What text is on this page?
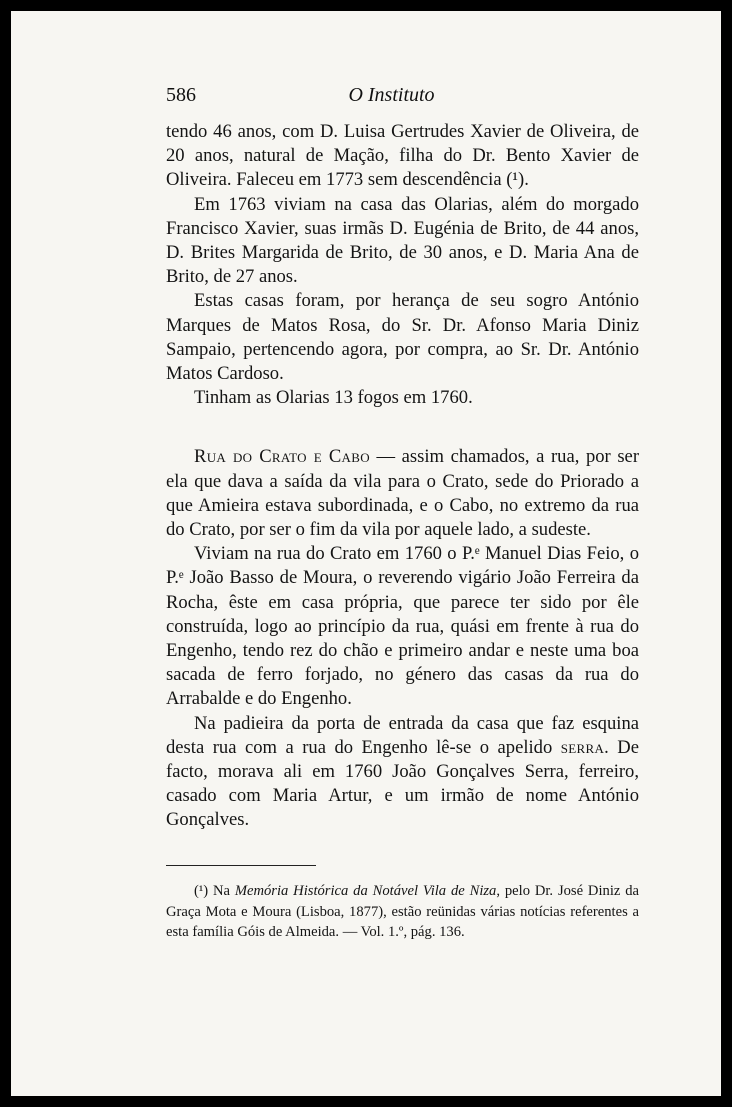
586	O Instituto

tendo 46 anos, com D. Luisa Gertrudes Xavier de Oliveira, de 20 anos, natural de Mação, filha do Dr. Bento Xavier de Oliveira. Faleceu em 1773 sem descendência (¹).

Em 1763 viviam na casa das Olarias, além do morgado Francisco Xavier, suas irmãs D. Eugénia de Brito, de 44 anos, D. Brites Margarida de Brito, de 30 anos, e D. Maria Ana de Brito, de 27 anos.

Estas casas foram, por herança de seu sogro António Marques de Matos Rosa, do Sr. Dr. Afonso Maria Diniz Sampaio, pertencendo agora, por compra, ao Sr. Dr. António Matos Cardoso.

Tinham as Olarias 13 fogos em 1760.

Rua do Crato e Cabo — assim chamados, a rua, por ser ela que dava a saída da vila para o Crato, sede do Priorado a que Amieira estava subordinada, e o Cabo, no extremo da rua do Crato, por ser o fim da vila por aquele lado, a sudeste.

Viviam na rua do Crato em 1760 o P.ᵉ Manuel Dias Feio, o P.ᵉ João Basso de Moura, o reverendo vigário João Ferreira da Rocha, êste em casa própria, que parece ter sido por êle construída, logo ao princípio da rua, quási em frente à rua do Engenho, tendo rez do chão e primeiro andar e neste uma boa sacada de ferro forjado, no género das casas da rua do Arrabalde e do Engenho.

Na padieira da porta de entrada da casa que faz esquina desta rua com a rua do Engenho lê-se o apelido serra. De facto, morava ali em 1760 João Gonçalves Serra, ferreiro, casado com Maria Artur, e um irmão de nome António Gonçalves.

(¹) Na Memória Histórica da Notável Vila de Niza, pelo Dr. José Diniz da Graça Mota e Moura (Lisboa, 1877), estão reünidas várias notícias referentes a esta família Góis de Almeida. — Vol. 1.º, pág. 136.
